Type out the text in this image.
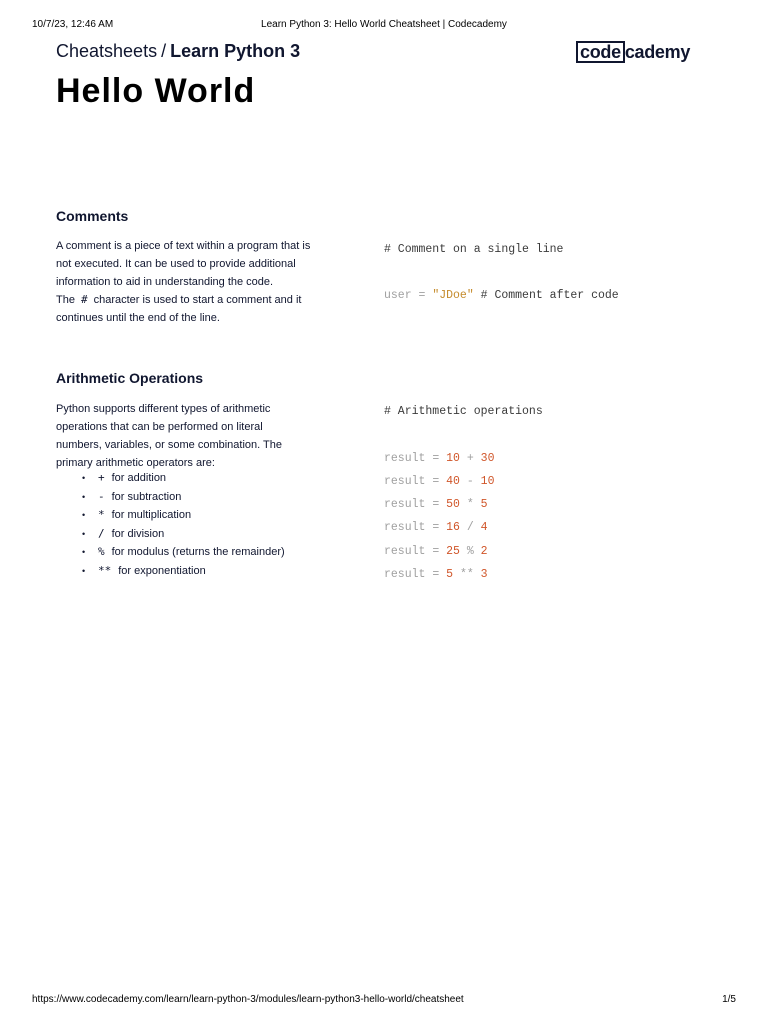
10/7/23, 12:46 AM	Learn Python 3: Hello World Cheatsheet | Codecademy
Cheatsheets / Learn Python 3	code cademy
Hello World
Comments

A comment is a piece of text within a program that is not executed. It can be used to provide additional information to aid in understanding the code.

The # character is used to start a comment and it continues until the end of the line.

# Comment on a single line
user = "JDoe" # Comment after code
Arithmetic Operations

Python supports different types of arithmetic operations that can be performed on literal numbers, variables, or some combination. The primary arithmetic operators are:

• + for addition
• - for subtraction
• * for multiplication
• / for division
• % for modulus (returns the remainder)
• ** for exponentiation
# Arithmetic operations
result = 10 + 30
result = 40 - 10
result = 50 * 5
result = 16 / 4
result = 25 % 2
result = 5 ** 3
https://www.codecademy.com/learn/learn-python-3/modules/learn-python3-hello-world/cheatsheet	1/5
